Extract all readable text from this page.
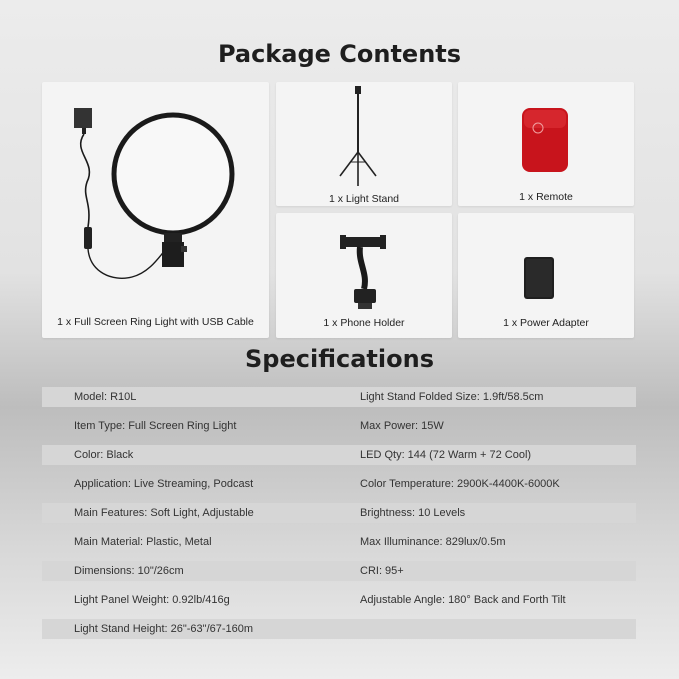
Package Contents
1 x Full Screen Ring Light with USB Cable
1 x Light Stand	1 x Remote
1 x Phone Holder	1 x Power Adapter
Specifications
Model: R10L	Light Stand Folded Size: 1.9ft/58.5cm
Item Type: Full Screen Ring Light	Max Power: 15W
Color: Black	LED Qty: 144 (72 Warm + 72 Cool)
Application: Live Streaming, Podcast	Color Temperature: 2900K-4400K-6000K
Main Features: Soft Light, Adjustable	Brightness: 10 Levels
Main Material: Plastic, Metal	Max Illuminance: 829lux/0.5m
Dimensions: 10"/26cm	CRI: 95+
Light Panel Weight: 0.92lb/416g	Adjustable Angle: 180° Back and Forth Tilt
Light Stand Height: 26"-63"/67-160m
